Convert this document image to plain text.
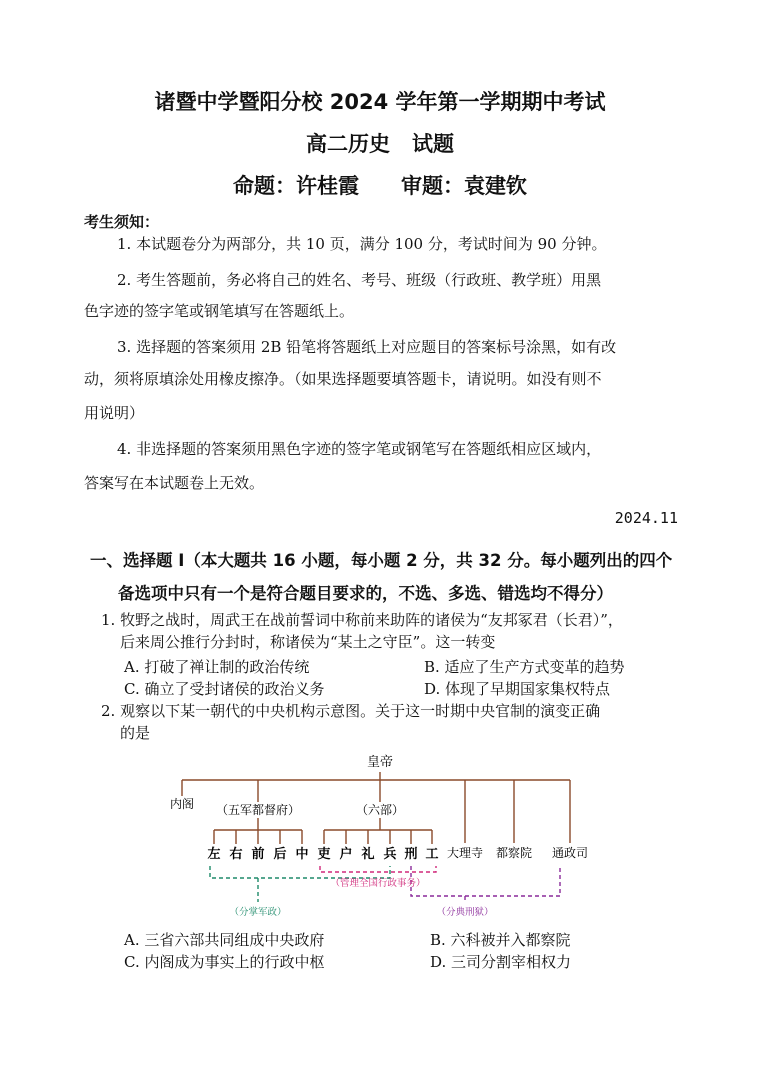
诸暨中学暨阳分校 2024 学年第一学期期中考试
高二历史 试题
命题：许桂霞 审题：袁建钦
考生须知：
1. 本试题卷分为两部分，共 10 页，满分 100 分，考试时间为 90 分钟。
2. 考生答题前，务必将自己的姓名、考号、班级（行政班、教学班）用黑
色字迹的签字笔或钢笔填写在答题纸上。
3. 选择题的答案须用 2B 铅笔将答题纸上对应题目的答案标号涂黑，如有改
动，须将原填涂处用橡皮擦净。（如果选择题要填答题卡，请说明。如没有则不
用说明）
4. 非选择题的答案须用黑色字迹的签字笔或钢笔写在答题纸相应区域内，
答案写在本试题卷上无效。
2024.11
一、选择题 I（本大题共 16 小题，每小题 2 分，共 32 分。每小题列出的四个
备选项中只有一个是符合题目要求的，不选、多选、错选均不得分）
1. 牧野之战时，周武王在战前誓词中称前来助阵的诸侯为“友邦冢君（长君）”，
后来周公推行分封时，称诸侯为“某土之守臣”。这一转变
A. 打破了禅让制的政治传统	B. 适应了生产方式变革的趋势
C. 确立了受封诸侯的政治义务	D. 体现了早期国家集权特点
2. 观察以下某一朝代的中央机构示意图。关于这一时期中央官制的演变正确
的是
皇帝
内阁 （五军都督府）	（六部）
左 右 前 后 中 吏 户 礼 兵 刑 工 大理寺 都察院 通政司
（管理全国行政事务）
（分掌军政）	（分典刑狱）
A. 三省六部共同组成中央政府	B. 六科被并入都察院
C. 内阁成为事实上的行政中枢	D. 三司分割宰相权力
